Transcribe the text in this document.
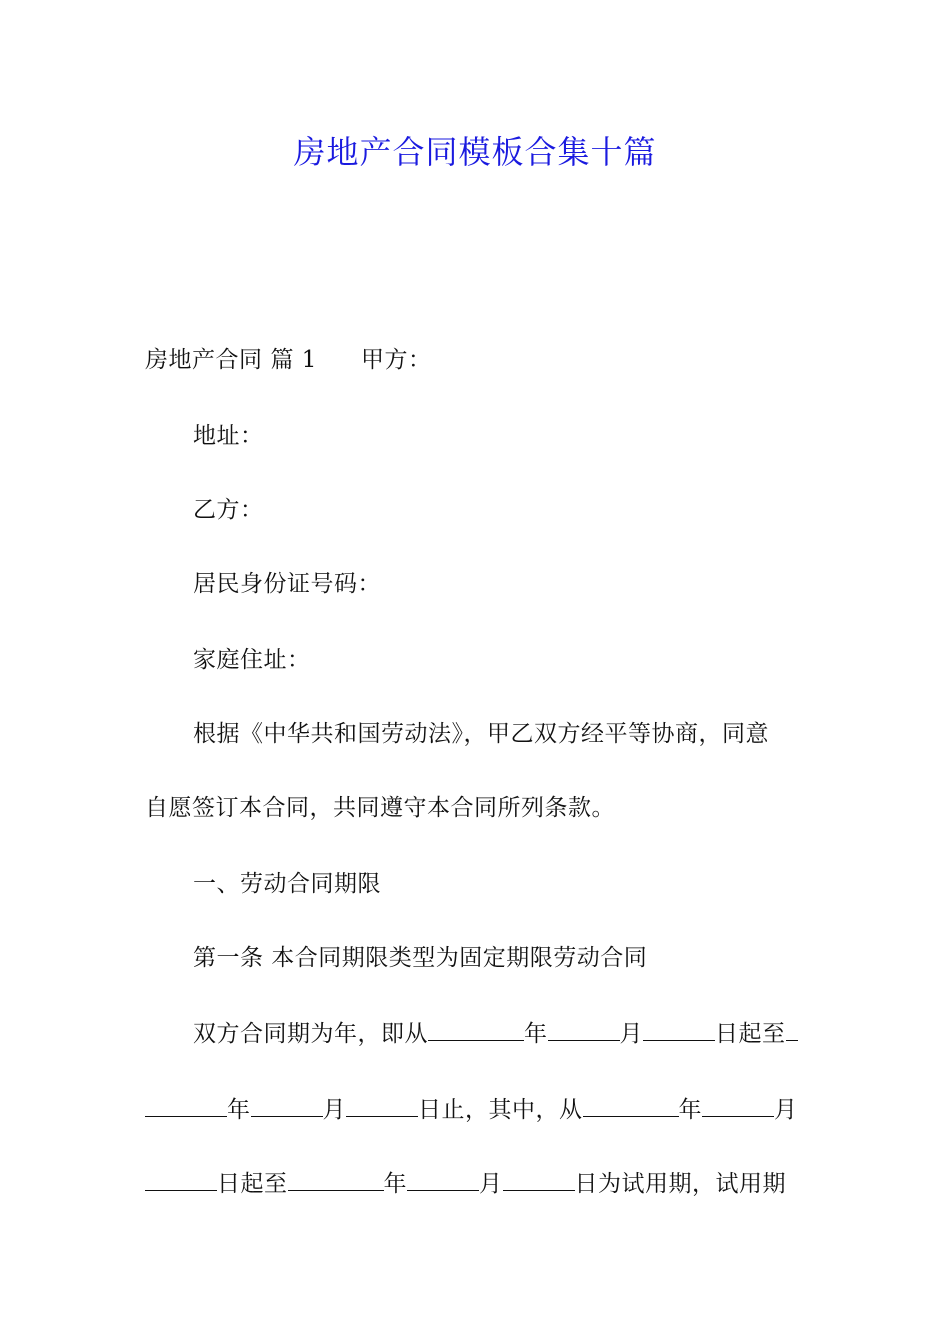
房地产合同模板合集十篇
房地产合同 篇 1 甲方：
地址：
乙方：
居民身份证号码：
家庭住址：
根据《中华共和国劳动法》，甲乙双方经平等协商，同意
自愿签订本合同，共同遵守本合同所列条款。
一、劳动合同期限
第一条 本合同期限类型为固定期限劳动合同
双方合同期为年，即从	年	月	日起至
年	月	日止，其中，从	年	月
日起至	年	月	日为试用期，试用期
